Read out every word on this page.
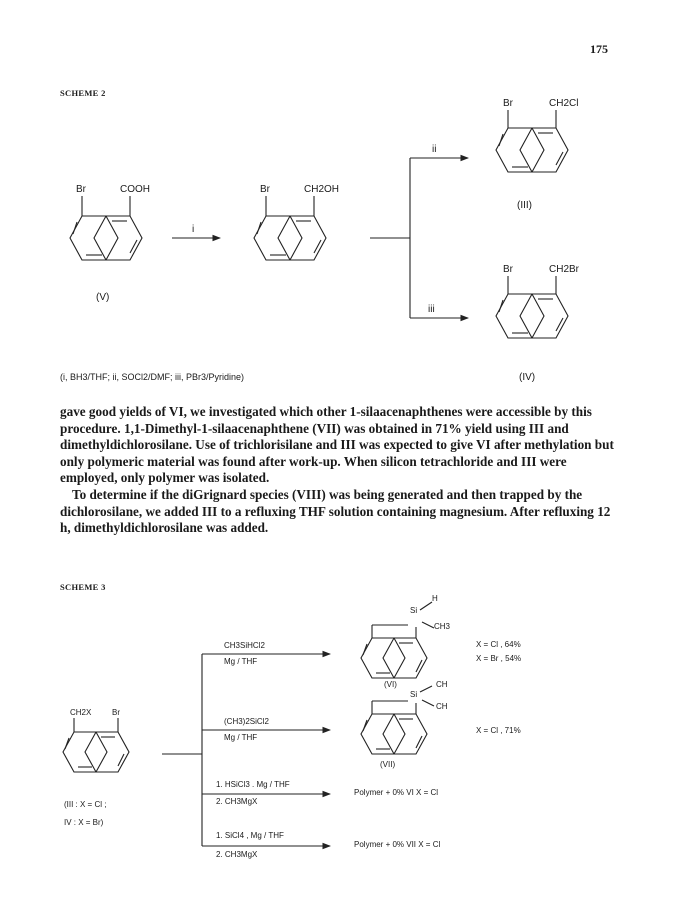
175
SCHEME 2
Br	COOH
(V)
i
Br	CH2OH
ii
iii
Br	CH2Cl
(III)
Br	CH2Br
(IV)
(i, BH3/THF; ii, SOCl2/DMF; iii, PBr3/Pyridine)

gave good yields of VI, we investigated which other 1-silaacenaphthenes were accessible by this procedure. 1,1-Dimethyl-1-silaacenaphthene (VII) was obtained in 71% yield using III and dimethyldichlorosilane. Use of trichlorisilane and III was expected to give VI after methylation but only polymeric material was found after work-up. When silicon tetrachloride and III were employed, only polymer was isolated.

To determine if the diGrignard species (VIII) was being generated and then trapped by the dichlorosilane, we added III to a refluxing THF solution containing magnesium. After refluxing 12 h, dimethyldichlorosilane was added.

SCHEME 3
CH2X	Br
(III : X = Cl ;
IV : X = Br)
CH3SiHCl2
Mg / THF
Si
H
CH3
(VI)
X = Cl , 64%
X = Br , 54%
(CH3)2SiCl2
Mg / THF
Si
CH
CH
(VII)
X = Cl , 71%
1. HSiCl3 . Mg / THF
2. CH3MgX
Polymer + 0% VI X = Cl
1. SiCl4 , Mg / THF
2. CH3MgX
Polymer + 0% VII X = Cl
